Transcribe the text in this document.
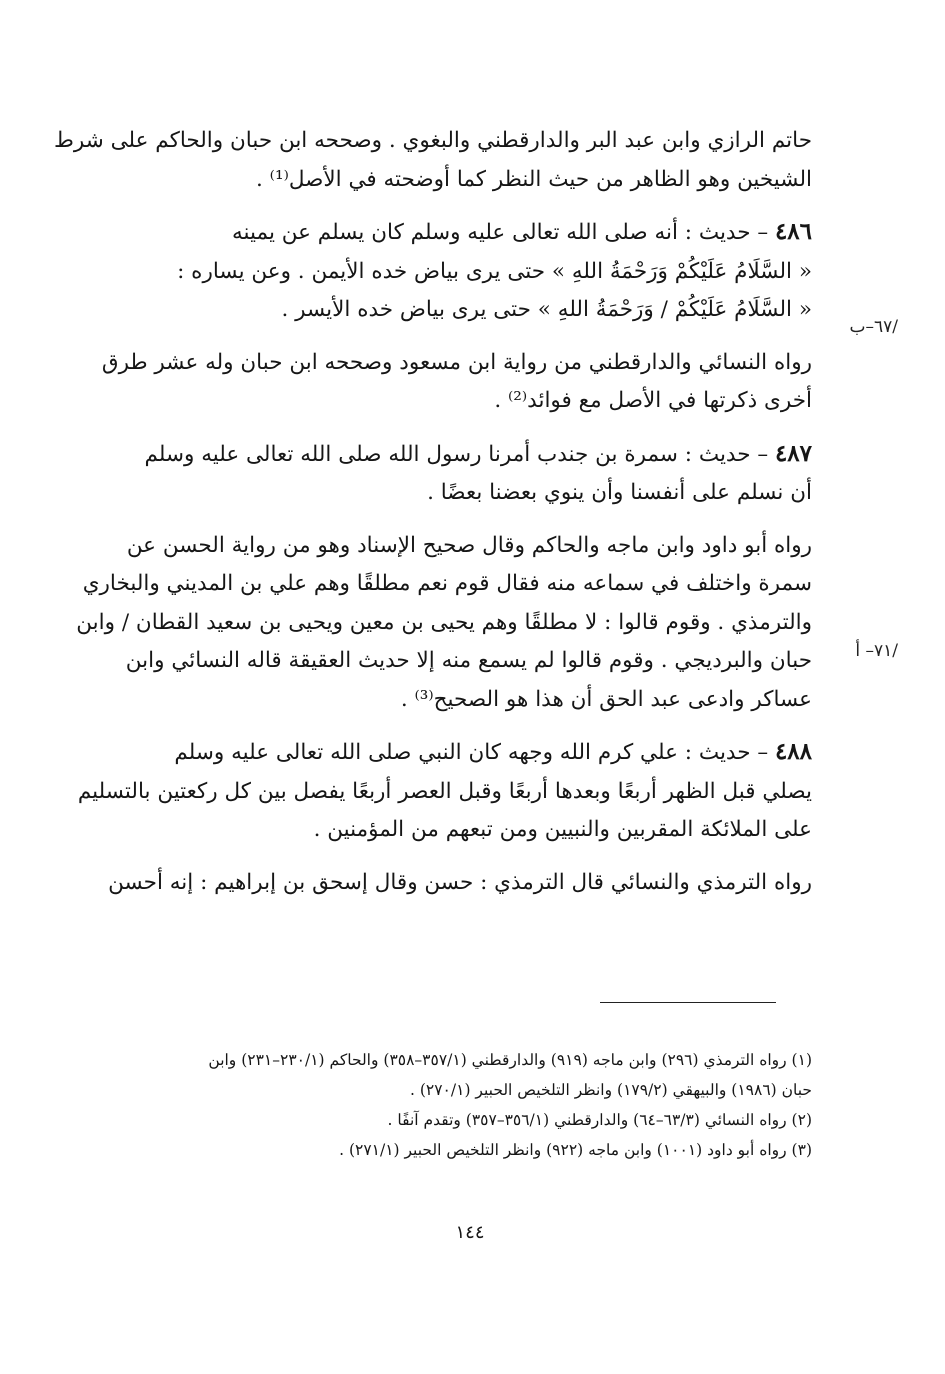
حاتم الرازي وابن عبد البر والدارقطني والبغوي . وصححه ابن حبان والحاكم على شرط
الشيخين وهو الظاهر من حيث النظر كما أوضحته في الأصل⁽¹⁾ .

٤٨٦ – حديث : أنه صلى الله تعالى عليه وسلم كان يسلم عن يمينه
« السَّلَامُ عَلَيْكُمْ وَرَحْمَةُ اللهِ » حتى يرى بياض خده الأيمن . وعن يساره :
« السَّلَامُ عَلَيْكُمْ / وَرَحْمَةُ اللهِ » حتى يرى بياض خده الأيسر .

رواه النسائي والدارقطني من رواية ابن مسعود وصححه ابن حبان وله عشر طرق
أخرى ذكرتها في الأصل مع فوائد⁽²⁾ .

٤٨٧ – حديث : سمرة بن جندب أمرنا رسول الله صلى الله تعالى عليه وسلم
أن نسلم على أنفسنا وأن ينوي بعضنا بعضًا .

رواه أبو داود وابن ماجه والحاكم وقال صحيح الإسناد وهو من رواية الحسن عن
سمرة واختلف في سماعه منه فقال قوم نعم مطلقًا وهم علي بن المديني والبخاري
والترمذي . وقوم قالوا : لا مطلقًا وهم يحيى بن معين ويحيى بن سعيد القطان / وابن
حبان والبرديجي . وقوم قالوا لم يسمع منه إلا حديث العقيقة قاله النسائي وابن
عساكر وادعى عبد الحق أن هذا هو الصحيح⁽³⁾ .

٤٨٨ – حديث : علي كرم الله وجهه كان النبي صلى الله تعالى عليه وسلم
يصلي قبل الظهر أربعًا وبعدها أربعًا وقبل العصر أربعًا يفصل بين كل ركعتين بالتسليم
على الملائكة المقربين والنبيين ومن تبعهم من المؤمنين .

رواه الترمذي والنسائي قال الترمذي : حسن وقال إسحق بن إبراهيم : إنه أحسن

/٦٧–ب
/٧١– أ
(١) رواه الترمذي (٢٩٦) وابن ماجه (٩١٩) والدارقطني (٣٥٧/١–٣٥٨) والحاكم (٢٣٠/١–٢٣١) وابن
حبان (١٩٨٦) والبيهقي (١٧٩/٢) وانظر التلخيص الحبير (٢٧٠/١) .
(٢) رواه النسائي (٦٣/٣–٦٤) والدارقطني (٣٥٦/١–٣٥٧) وتقدم آنفًا .
(٣) رواه أبو داود (١٠٠١) وابن ماجه (٩٢٢) وانظر التلخيص الحبير (٢٧١/١) .
١٤٤
